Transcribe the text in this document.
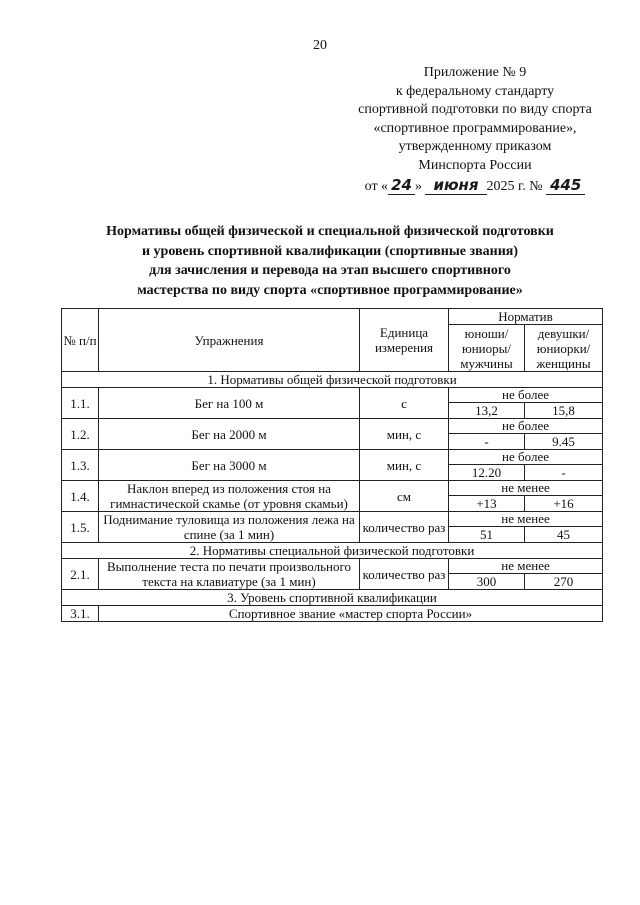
20
Приложение № 9
к федеральному стандарту
спортивной подготовки по виду спорта
«спортивное программирование»,
утвержденному приказом
Минспорта России
от « 24 » июня 2025 г. № 445
Нормативы общей физической и специальной физической подготовки
и уровень спортивной квалификации (спортивные звания)
для зачисления и перевода на этап высшего спортивного
мастерства по виду спорта «спортивное программирование»
№ п/п	Упражнения	Единица измерения	Норматив	
			юноши/ юниоры/ мужчины	девушки/ юниорки/ женщины
1. Нормативы общей физической подготовки				
1.1.	Бег на 100 м	с	не более	
			13,2	15,8
1.2.	Бег на 2000 м	мин, с	не более	
			-	9.45
1.3.	Бег на 3000 м	мин, с	не более	
			12.20	-
1.4.	Наклон вперед из положения стоя на гимнастической скамье (от уровня скамьи)	см	не менее	
			+13	+16
1.5.	Поднимание туловища из положения лежа на спине (за 1 мин)	количество раз	не менее	
			51	45
2. Нормативы специальной физической подготовки				
2.1.	Выполнение теста по печати произвольного текста на клавиатуре (за 1 мин)	количество раз	не менее	
			300	270
3. Уровень спортивной квалификации				
3.1.	Спортивное звание «мастер спорта России»			
